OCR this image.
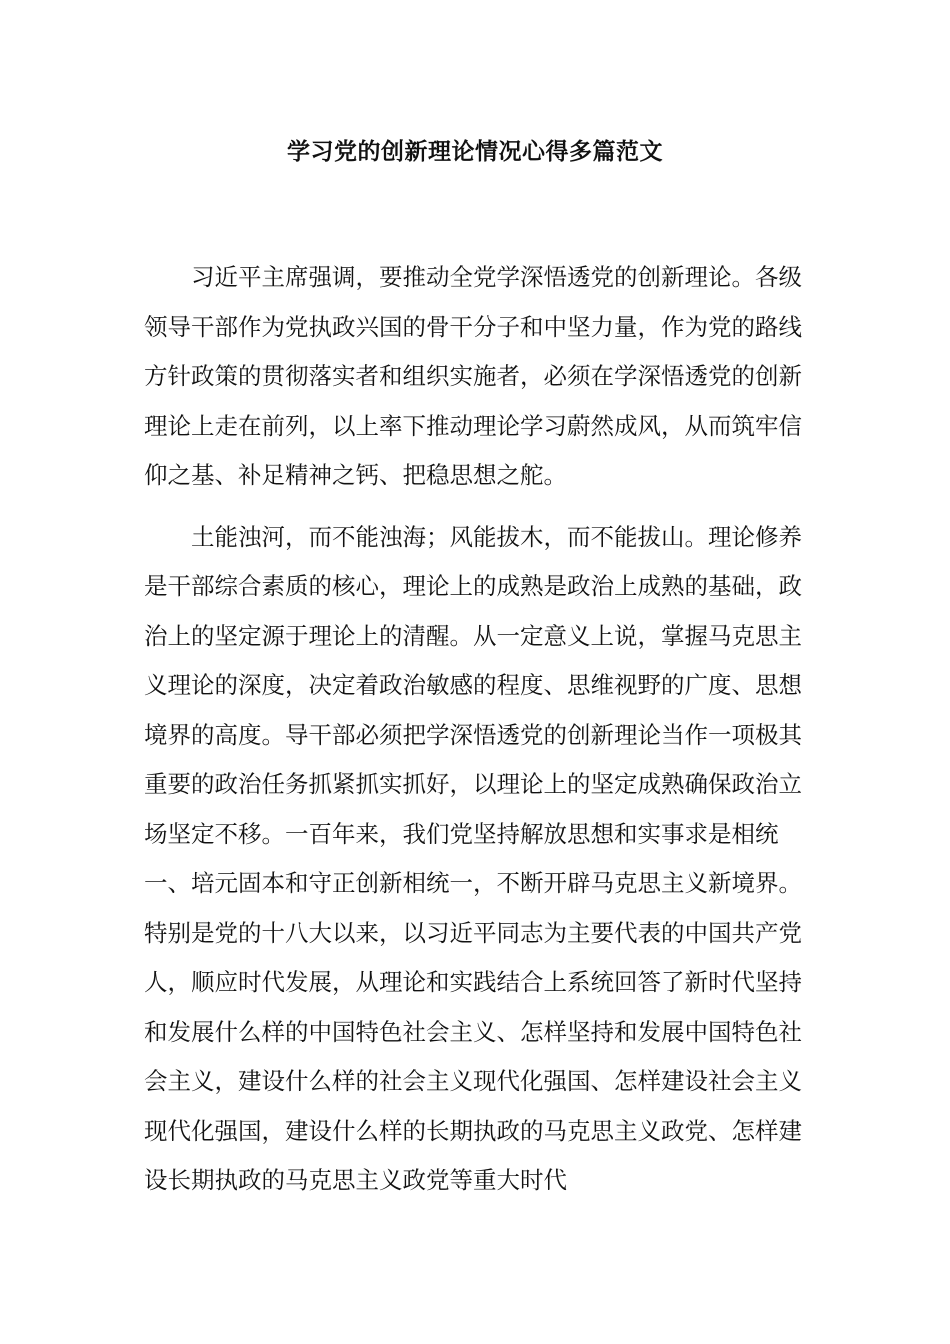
学习党的创新理论情况心得多篇范文

习近平主席强调，要推动全党学深悟透党的创新理论。各级领导干部作为党执政兴国的骨干分子和中坚力量，作为党的路线方针政策的贯彻落实者和组织实施者，必须在学深悟透党的创新理论上走在前列，以上率下推动理论学习蔚然成风，从而筑牢信仰之基、补足精神之钙、把稳思想之舵。

土能浊河，而不能浊海；风能拔木，而不能拔山。理论修养是干部综合素质的核心，理论上的成熟是政治上成熟的基础，政治上的坚定源于理论上的清醒。从一定意义上说，掌握马克思主义理论的深度，决定着政治敏感的程度、思维视野的广度、思想境界的高度。导干部必须把学深悟透党的创新理论当作一项极其重要的政治任务抓紧抓实抓好，以理论上的坚定成熟确保政治立场坚定不移。一百年来，我们党坚持解放思想和实事求是相统一、培元固本和守正创新相统一，不断开辟马克思主义新境界。特别是党的十八大以来，以习近平同志为主要代表的中国共产党人，顺应时代发展，从理论和实践结合上系统回答了新时代坚持和发展什么样的中国特色社会主义、怎样坚持和发展中国特色社会主义，建设什么样的社会主义现代化强国、怎样建设社会主义现代化强国，建设什么样的长期执政的马克思主义政党、怎样建设长期执政的马克思主义政党等重大时代
